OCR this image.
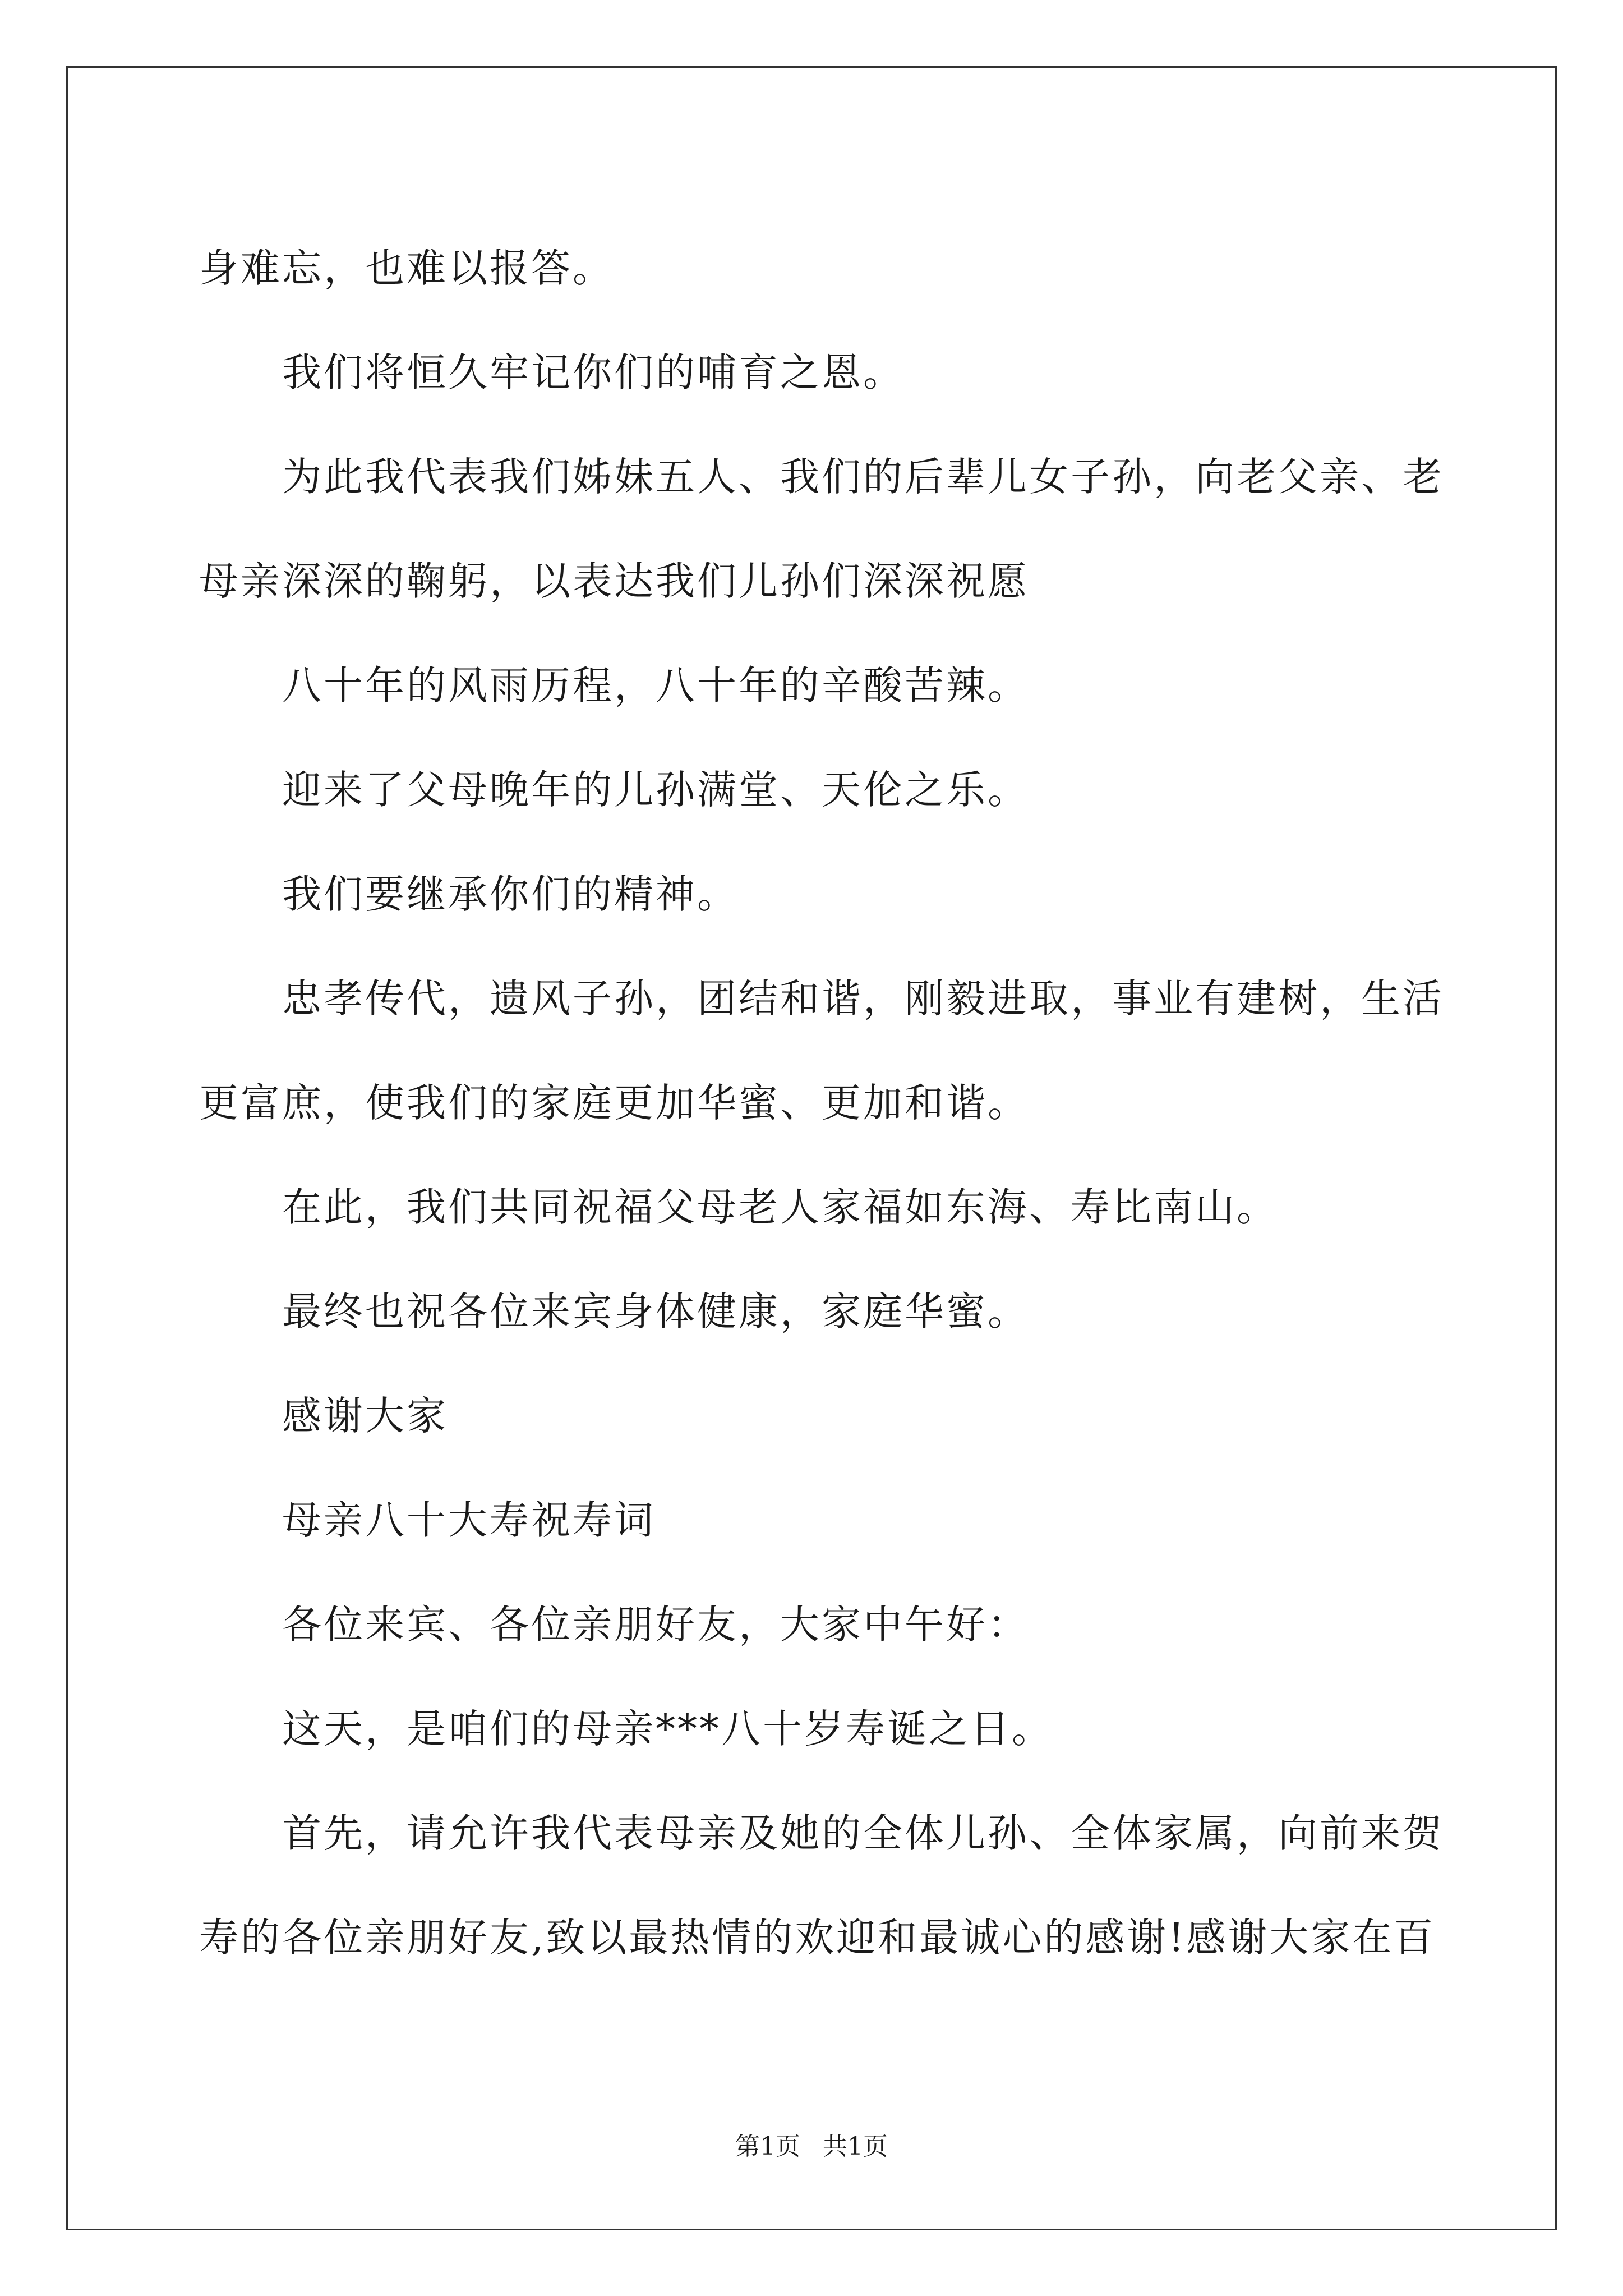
身难忘，也难以报答。

我们将恒久牢记你们的哺育之恩。

为此我代表我们姊妹五人、我们的后辈儿女子孙，向老父亲、老
母亲深深的鞠躬，以表达我们儿孙们深深祝愿

八十年的风雨历程，八十年的辛酸苦辣。

迎来了父母晚年的儿孙满堂、天伦之乐。

我们要继承你们的精神。

忠孝传代，遗风子孙，团结和谐，刚毅进取，事业有建树，生活
更富庶，使我们的家庭更加华蜜、更加和谐。

在此，我们共同祝福父母老人家福如东海、寿比南山。

最终也祝各位来宾身体健康，家庭华蜜。

感谢大家

母亲八十大寿祝寿词

各位来宾、各位亲朋好友，大家中午好：

这天，是咱们的母亲***八十岁寿诞之日。

首先，请允许我代表母亲及她的全体儿孙、全体家属，向前来贺
寿的各位亲朋好友,致以最热情的欢迎和最诚心的感谢!感谢大家在百

第1页 共1页
